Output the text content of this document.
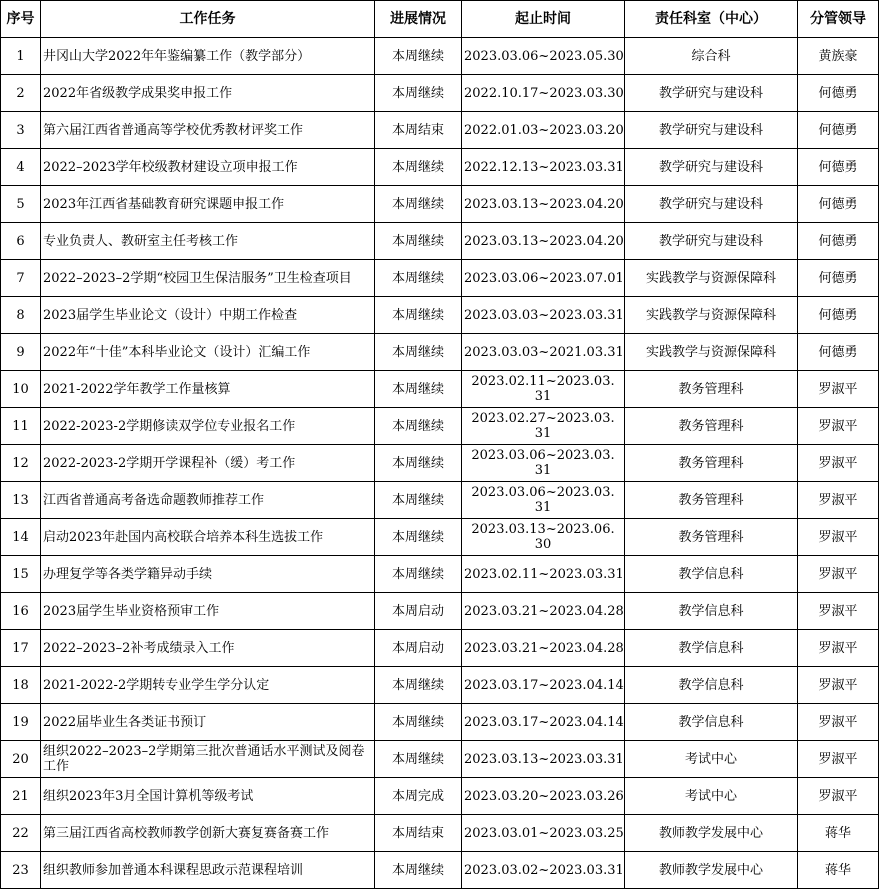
序号	工作任务	进展情况	起止时间	责任科室（中心）	分管领导
1	井冈山大学2022年年鉴编纂工作（教学部分）	本周继续	2023.03.06~2023.05.30	综合科	黄族豪
2	2022年省级教学成果奖申报工作	本周继续	2022.10.17~2023.03.30	教学研究与建设科	何德勇
3	第六届江西省普通高等学校优秀教材评奖工作	本周结束	2022.01.03~2023.03.20	教学研究与建设科	何德勇
4	2022–2023学年校级教材建设立项申报工作	本周继续	2022.12.13~2023.03.31	教学研究与建设科	何德勇
5	2023年江西省基础教育研究课题申报工作	本周继续	2023.03.13~2023.04.20	教学研究与建设科	何德勇
6	专业负责人、教研室主任考核工作	本周继续	2023.03.13~2023.04.20	教学研究与建设科	何德勇
7	2022–2023–2学期“校园卫生保洁服务”卫生检查项目	本周继续	2023.03.06~2023.07.01	实践教学与资源保障科	何德勇
8	2023届学生毕业论文（设计）中期工作检查	本周继续	2023.03.03~2023.03.31	实践教学与资源保障科	何德勇
9	2022年“十佳”本科毕业论文（设计）汇编工作	本周继续	2023.03.03~2021.03.31	实践教学与资源保障科	何德勇
10	2021-2022学年教学工作量核算	本周继续	2023.02.11~2023.03. 31	教务管理科	罗淑平
11	2022-2023-2学期修读双学位专业报名工作	本周继续	2023.02.27~2023.03. 31	教务管理科	罗淑平
12	2022-2023-2学期开学课程补（缓）考工作	本周继续	2023.03.06~2023.03. 31	教务管理科	罗淑平
13	江西省普通高考备选命题教师推荐工作	本周继续	2023.03.06~2023.03. 31	教务管理科	罗淑平
14	启动2023年赴国内高校联合培养本科生选拔工作	本周继续	2023.03.13~2023.06. 30	教务管理科	罗淑平
15	办理复学等各类学籍异动手续	本周继续	2023.02.11~2023.03.31	教学信息科	罗淑平
16	2023届学生毕业资格预审工作	本周启动	2023.03.21~2023.04.28	教学信息科	罗淑平
17	2022–2023–2补考成绩录入工作	本周启动	2023.03.21~2023.04.28	教学信息科	罗淑平
18	2021-2022-2学期转专业学生学分认定	本周继续	2023.03.17~2023.04.14	教学信息科	罗淑平
19	2022届毕业生各类证书预订	本周继续	2023.03.17~2023.04.14	教学信息科	罗淑平
20	组织2022–2023–2学期第三批次普通话水平测试及阅卷工作	本周继续	2023.03.13~2023.03.31	考试中心	罗淑平
21	组织2023年3月全国计算机等级考试	本周完成	2023.03.20~2023.03.26	考试中心	罗淑平
22	第三届江西省高校教师教学创新大赛复赛备赛工作	本周结束	2023.03.01~2023.03.25	教师教学发展中心	蒋华
23	组织教师参加普通本科课程思政示范课程培训	本周继续	2023.03.02~2023.03.31	教师教学发展中心	蒋华
